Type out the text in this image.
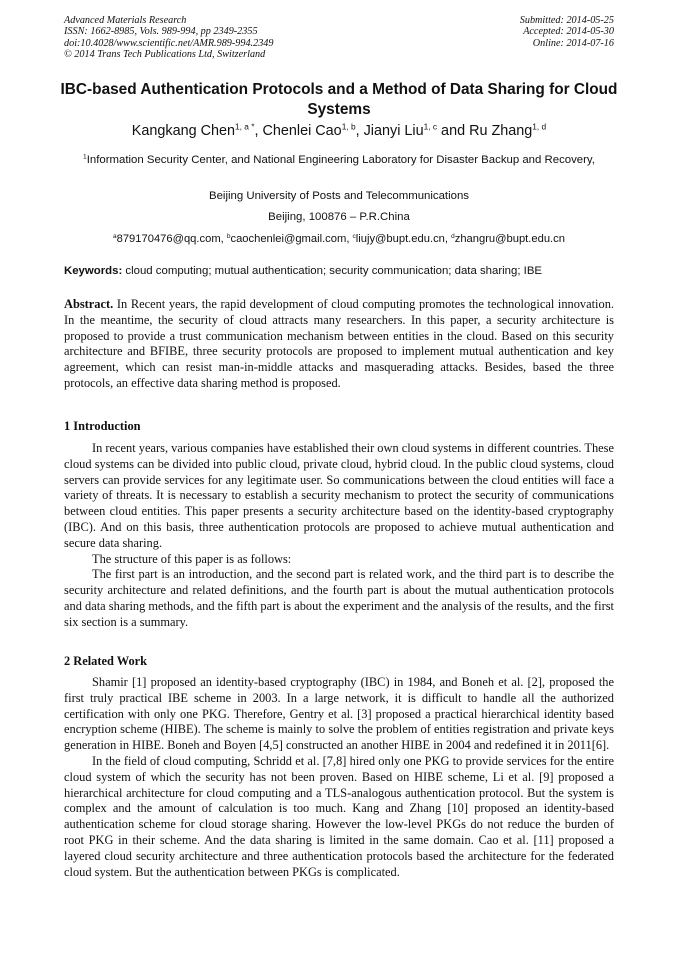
Advanced Materials Research
ISSN: 1662-8985, Vols. 989-994, pp 2349-2355
doi:10.4028/www.scientific.net/AMR.989-994.2349
© 2014 Trans Tech Publications Ltd, Switzerland
Submitted: 2014-05-25
Accepted: 2014-05-30
Online: 2014-07-16
IBC-based Authentication Protocols and a Method of Data Sharing for Cloud Systems
Kangkang Chen$^{1, a *}$, Chenlei Cao$^{1, b}$, Jianyi Liu$^{1, c}$ and Ru Zhang$^{1, d}$
$^1$Information Security Center, and National Engineering Laboratory for Disaster Backup and Recovery,
Beijing University of Posts and Telecommunications
Beijing, 100876 – P.R.China
$^a$879170476@qq.com, $^b$caochenlei@gmail.com, $^c$liujy@bupt.edu.cn, $^d$zhangru@bupt.edu.cn
Keywords: cloud computing; mutual authentication; security communication; data sharing; IBE

Abstract. In Recent years, the rapid development of cloud computing promotes the technological innovation. In the meantime, the security of cloud attracts many researchers. In this paper, a security architecture is proposed to provide a trust communication mechanism between entities in the cloud. Based on this security architecture and BFIBE, three security protocols are proposed to implement mutual authentication and key agreement, which can resist man-in-middle attacks and masquerading attacks. Besides, based the three protocols, an effective data sharing method is proposed.

1 Introduction

In recent years, various companies have established their own cloud systems in different countries. These cloud systems can be divided into public cloud, private cloud, hybrid cloud. In the public cloud systems, cloud servers can provide services for any legitimate user. So communications between the cloud entities will face a variety of threats. It is necessary to establish a security mechanism to protect the security of communications between cloud entities. This paper presents a security architecture based on the identity-based cryptography (IBC). And on this basis, three authentication protocols are proposed to achieve mutual authentication and secure data sharing.

The structure of this paper is as follows:

The first part is an introduction, and the second part is related work, and the third part is to describe the security architecture and related definitions, and the fourth part is about the mutual authentication protocols and data sharing methods, and the fifth part is about the experiment and the analysis of the results, and the first six section is a summary.

2 Related Work

Shamir [1] proposed an identity-based cryptography (IBC) in 1984, and Boneh et al. [2], proposed the first truly practical IBE scheme in 2003. In a large network, it is difficult to handle all the authorized certification with only one PKG. Therefore, Gentry et al. [3] proposed a practical hierarchical identity based encryption scheme (HIBE). The scheme is mainly to solve the problem of entities registration and private keys generation in HIBE. Boneh and Boyen [4,5] constructed an another HIBE in 2004 and redefined it in 2011[6].

In the field of cloud computing, Schridd et al. [7,8] hired only one PKG to provide services for the entire cloud system of which the security has not been proven. Based on HIBE scheme, Li et al. [9] proposed a hierarchical architecture for cloud computing and a TLS-analogous authentication protocol. But the system is complex and the amount of calculation is too much. Kang and Zhang [10] proposed an identity-based authentication scheme for cloud storage sharing. However the low-level PKGs do not reduce the burden of root PKG in their scheme. And the data sharing is limited in the same domain. Cao et al. [11] proposed a layered cloud security architecture and three authentication protocols based the architecture for the federated cloud system. But the authentication between PKGs is complicated.
